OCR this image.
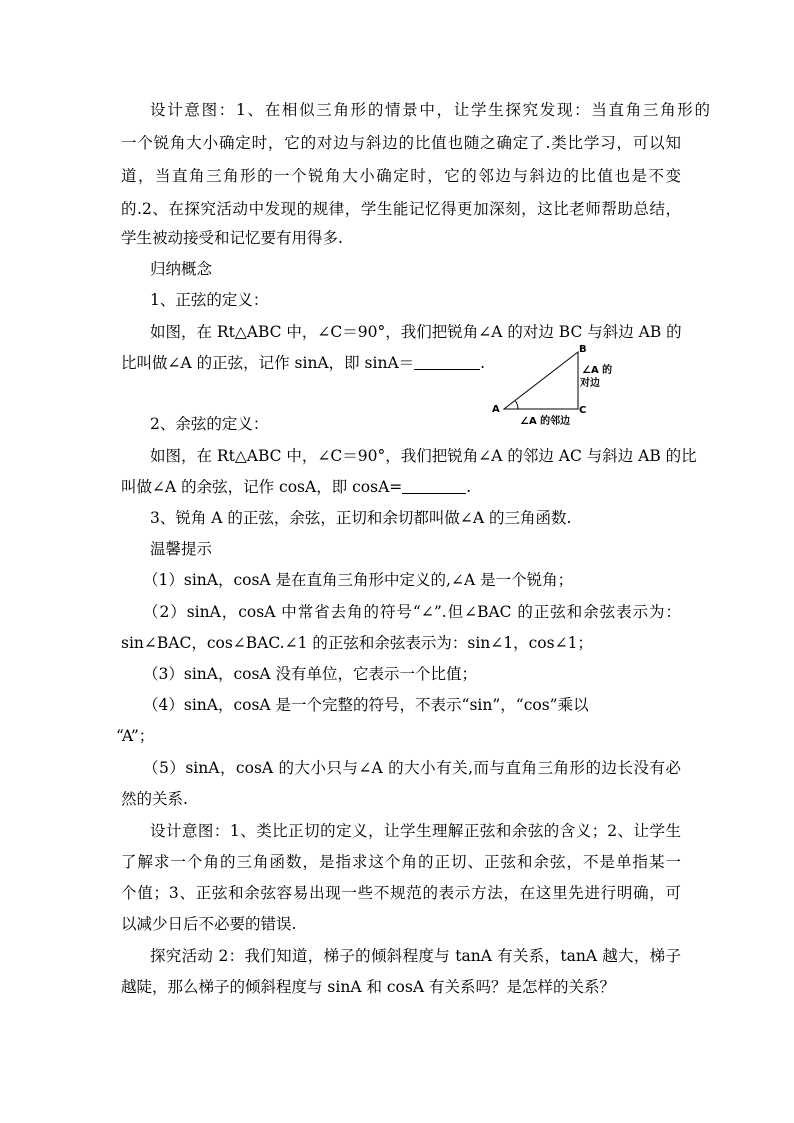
设计意图：1、在相似三角形的情景中，让学生探究发现：当直角三角形的
一个锐角大小确定时，它的对边与斜边的比值也随之确定了.类比学习，可以知
道，当直角三角形的一个锐角大小确定时，它的邻边与斜边的比值也是不变
的.2、在探究活动中发现的规律，学生能记忆得更加深刻，这比老师帮助总结，
学生被动接受和记忆要有用得多.
归纳概念
1、正弦的定义：
如图，在 Rt△ABC 中，∠C＝90°，我们把锐角∠A 的对边 BC 与斜边 AB 的
比叫做∠A 的正弦，记作 sinA，即 sinA＝	.
A
B
C
∠A 的
对边
∠A 的邻边
2、余弦的定义：
如图，在 Rt△ABC 中，∠C＝90°，我们把锐角∠A 的邻边 AC 与斜边 AB 的比
叫做∠A 的余弦，记作 cosA，即 cosA=	.
3、锐角 A 的正弦，余弦，正切和余切都叫做∠A 的三角函数.
温馨提示
（1）sinA，cosA 是在直角三角形中定义的,∠A 是一个锐角；
（2）sinA，cosA 中常省去角的符号“∠”.但∠BAC 的正弦和余弦表示为：
sin∠BAC，cos∠BAC.∠1 的正弦和余弦表示为：sin∠1，cos∠1；
（3）sinA，cosA 没有单位，它表示一个比值；
（4）sinA，cosA 是一个完整的符号，不表示“sin”，“cos”乘以
“A”；
（5）sinA，cosA 的大小只与∠A 的大小有关,而与直角三角形的边长没有必
然的关系.
设计意图：1、类比正切的定义，让学生理解正弦和余弦的含义；2、让学生
了解求一个角的三角函数，是指求这个角的正切、正弦和余弦，不是单指某一
个值；3、正弦和余弦容易出现一些不规范的表示方法，在这里先进行明确，可
以减少日后不必要的错误.
探究活动 2：我们知道，梯子的倾斜程度与 tanA 有关系，tanA 越大，梯子
越陡，那么梯子的倾斜程度与 sinA 和 cosA 有关系吗？是怎样的关系？
